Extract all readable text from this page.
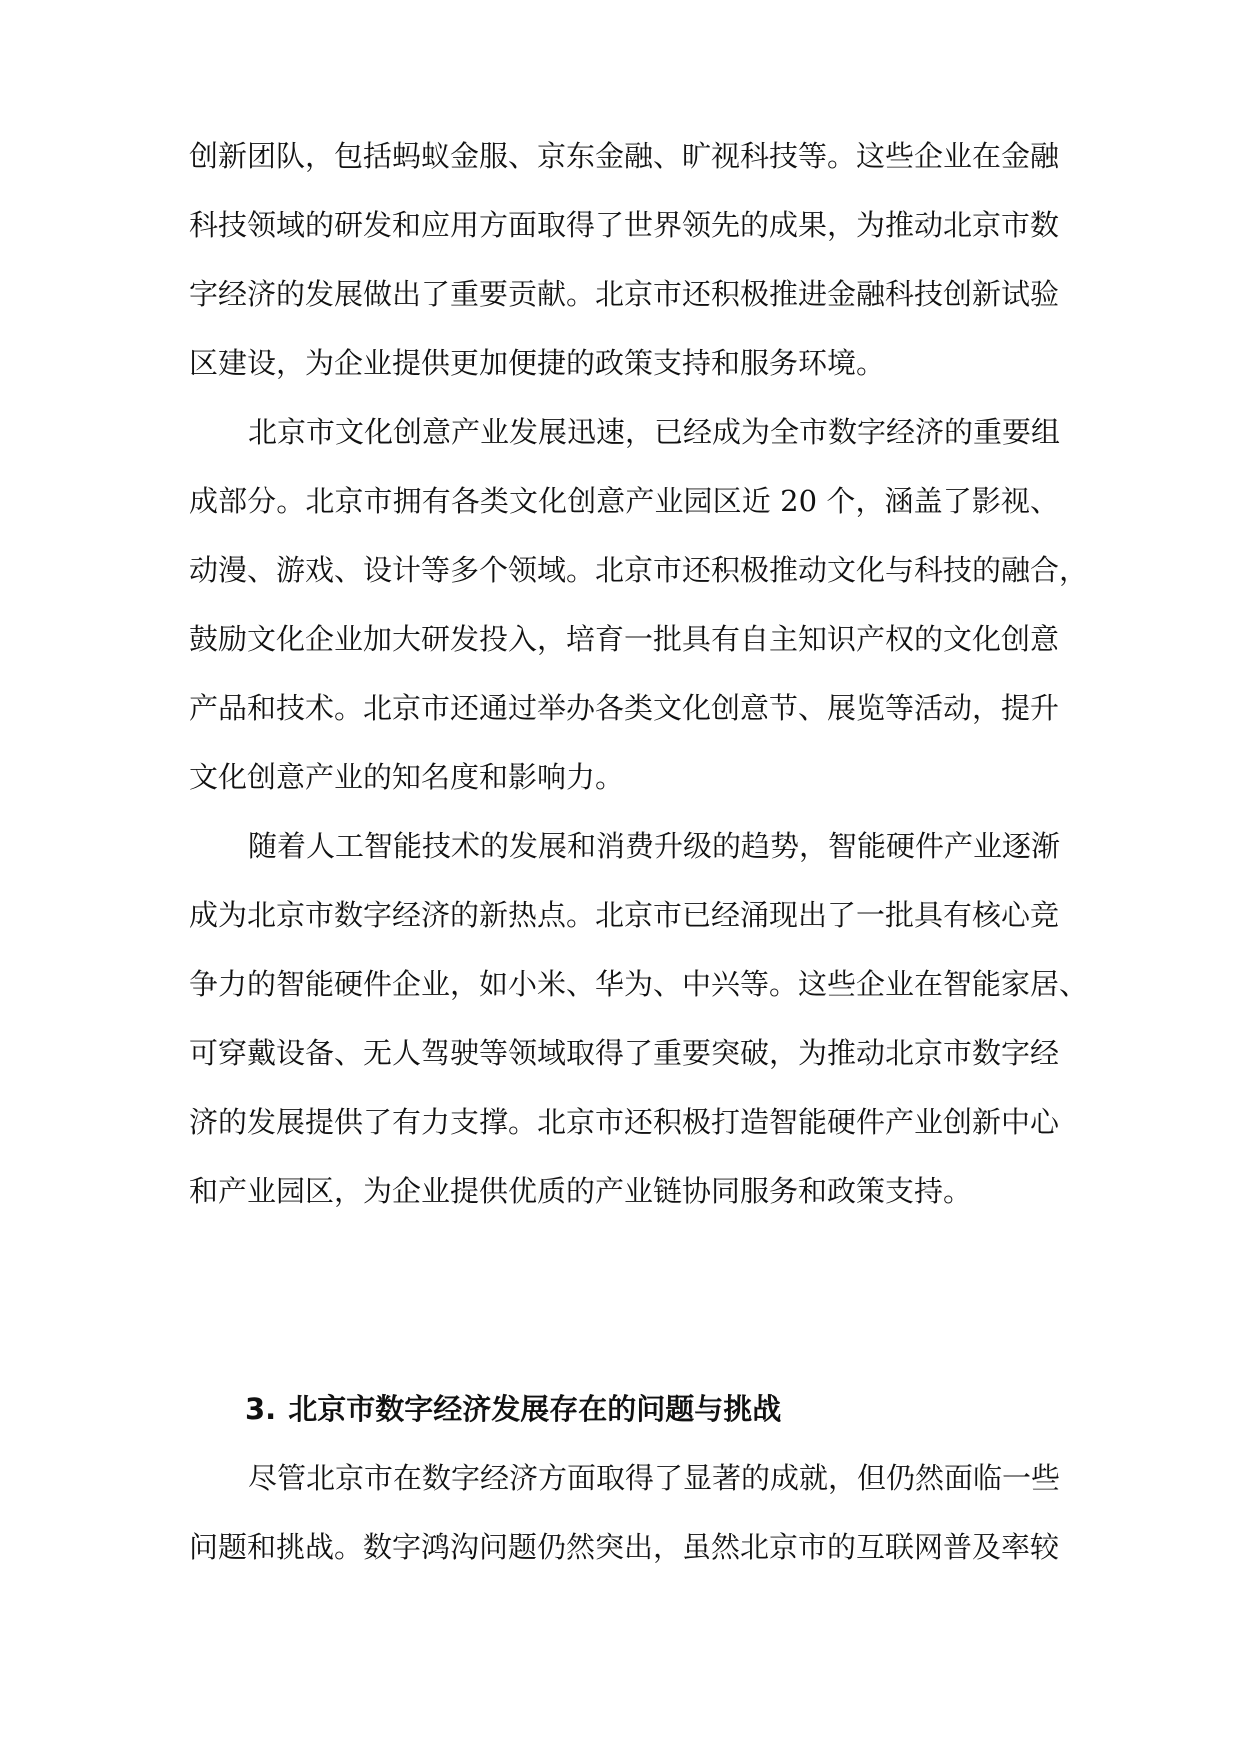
创新团队，包括蚂蚁金服、京东金融、旷视科技等。这些企业在金融
科技领域的研发和应用方面取得了世界领先的成果，为推动北京市数
字经济的发展做出了重要贡献。北京市还积极推进金融科技创新试验
区建设，为企业提供更加便捷的政策支持和服务环境。
北京市文化创意产业发展迅速，已经成为全市数字经济的重要组
成部分。北京市拥有各类文化创意产业园区近 20 个，涵盖了影视、
动漫、游戏、设计等多个领域。北京市还积极推动文化与科技的融合，
鼓励文化企业加大研发投入，培育一批具有自主知识产权的文化创意
产品和技术。北京市还通过举办各类文化创意节、展览等活动，提升
文化创意产业的知名度和影响力。
随着人工智能技术的发展和消费升级的趋势，智能硬件产业逐渐
成为北京市数字经济的新热点。北京市已经涌现出了一批具有核心竞
争力的智能硬件企业，如小米、华为、中兴等。这些企业在智能家居、
可穿戴设备、无人驾驶等领域取得了重要突破，为推动北京市数字经
济的发展提供了有力支撑。北京市还积极打造智能硬件产业创新中心
和产业园区，为企业提供优质的产业链协同服务和政策支持。
3. 北京市数字经济发展存在的问题与挑战
尽管北京市在数字经济方面取得了显著的成就，但仍然面临一些
问题和挑战。数字鸿沟问题仍然突出，虽然北京市的互联网普及率较
